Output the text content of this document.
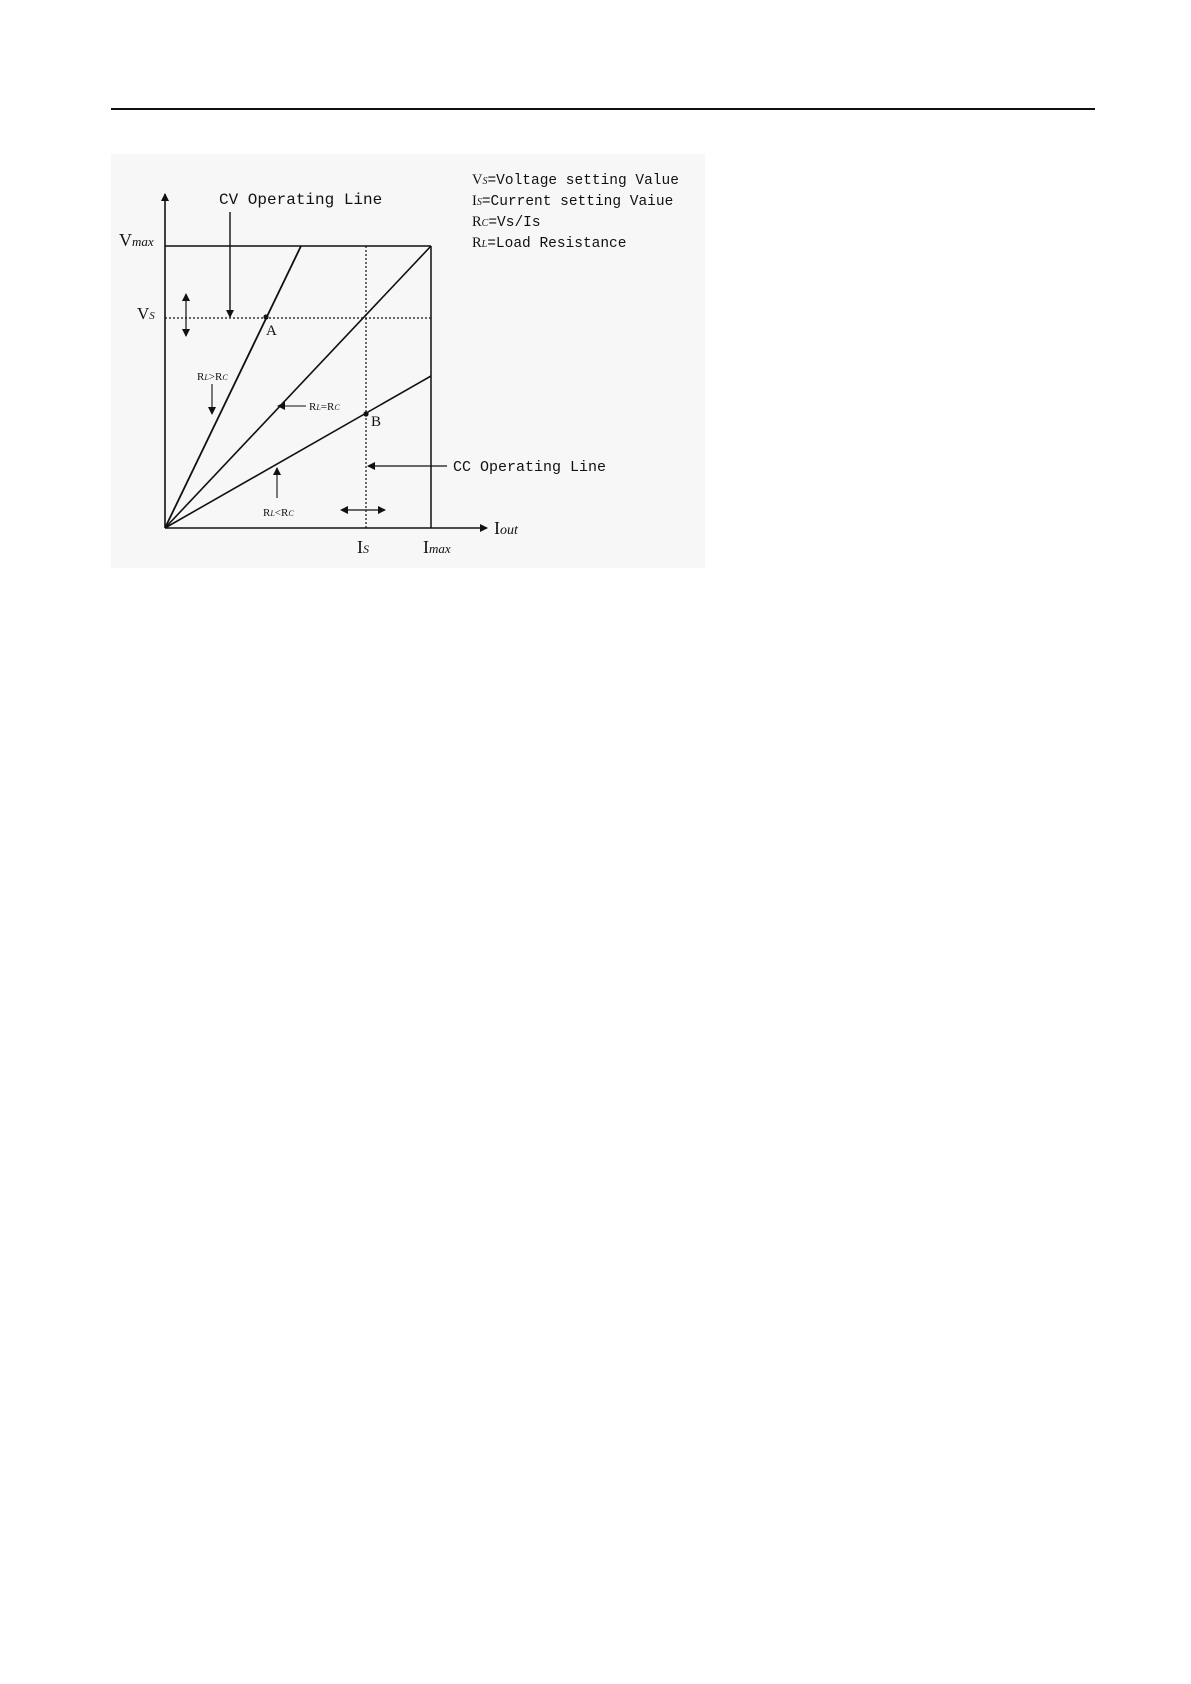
Vmax
VS
IS	Imax
Iout
CV Operating Line
CC Operating Line
A
B
RL>RC
RL=RC
RL<RC
VS=Voltage setting Value
IS=Current setting Vaiue
RC=Vs/Is
RL=Load Resistance
